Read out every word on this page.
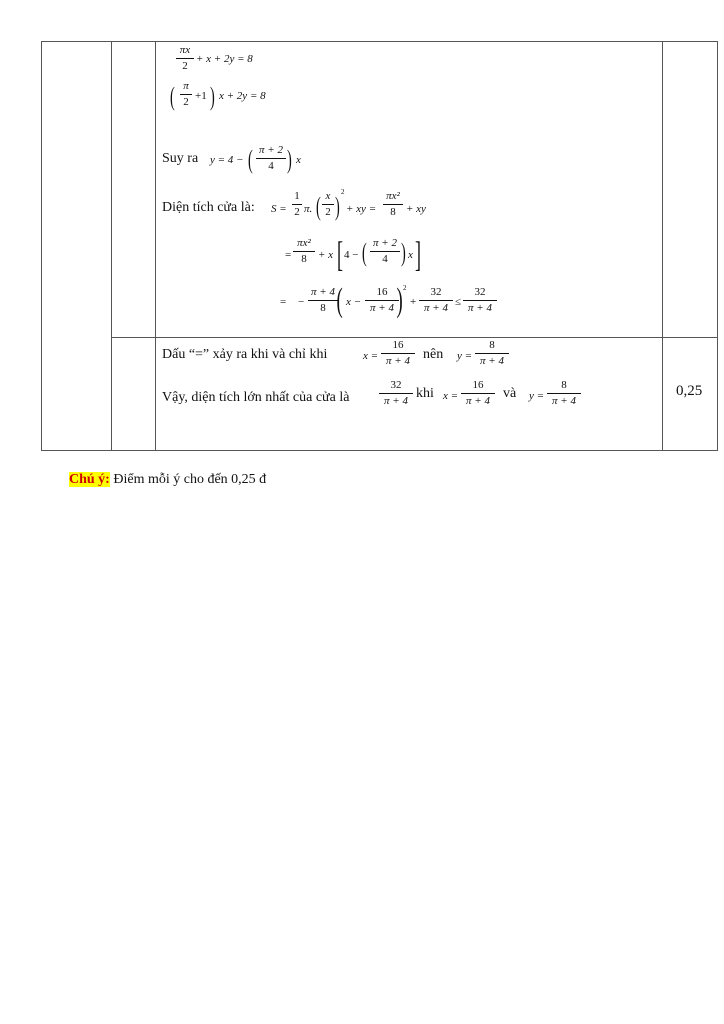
πx
2
+ x + 2y = 8
( π
2 +1 ) x + 2y = 8
Suy ra y = 4 − ( π + 2
4 ) x
Diện tích cửa là: S =
1
2 π. ( x
2 ) 2
+ xy =
πx²
8 + xy
=
πx²
8	+ x [ 4 − ( π + 2
4 ) x ]
= −
π + 4
8 ( x −
16
π + 4 ) 2
+
32
π + 4 ≤
32
π + 4
Dấu “=” xảy ra khi và chỉ khi	x =
16
π + 4 nên y =
8
π + 4
Vậy, diện tích lớn nhất của cửa là
32
π + 4 khi x =
16
π + 4 và y =
8
π + 4
0,25
Chú ý: Điểm mỗi ý cho đến 0,25 đ
